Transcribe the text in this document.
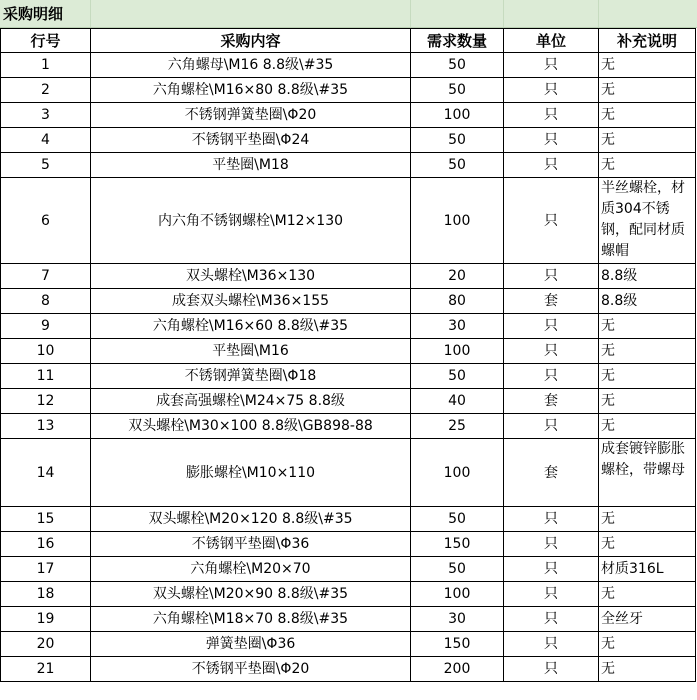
采购明细
行号	采购内容	需求数量	单位	补充说明
1	六角螺母\M16 8.8级\#35	50	只	无
2	六角螺栓\M16×80 8.8级\#35	50	只	无
3	不锈钢弹簧垫圈\Φ20	100	只	无
4	不锈钢平垫圈\Φ24	50	只	无
5	平垫圈\M18	50	只	无
6	内六角不锈钢螺栓\M12×130	100	只	半丝螺栓，材质304不锈钢，配同材质螺帽
7	双头螺栓\M36×130	20	只	8.8级
8	成套双头螺栓\M36×155	80	套	8.8级
9	六角螺栓\M16×60 8.8级\#35	30	只	无
10	平垫圈\M16	100	只	无
11	不锈钢弹簧垫圈\Φ18	50	只	无
12	成套高强螺栓\M24×75 8.8级	40	套	无
13	双头螺栓\M30×100 8.8级\GB898-88	25	只	无
14	膨胀螺栓\M10×110	100	套	成套镀锌膨胀螺栓，带螺母
15	双头螺栓\M20×120 8.8级\#35	50	只	无
16	不锈钢平垫圈\Φ36	150	只	无
17	六角螺栓\M20×70	50	只	材质316L
18	双头螺栓\M20×90 8.8级\#35	100	只	无
19	六角螺栓\M18×70 8.8级\#35	30	只	全丝牙
20	弹簧垫圈\Φ36	150	只	无
21	不锈钢平垫圈\Φ20	200	只	无
